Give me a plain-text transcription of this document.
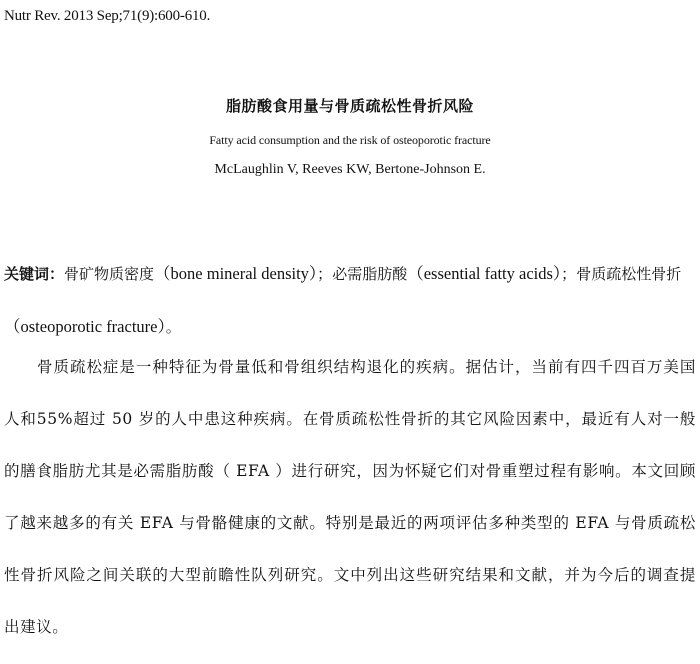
Nutr Rev. 2013 Sep;71(9):600-610.
脂肪酸食用量与骨质疏松性骨折风险
Fatty acid consumption and the risk of osteoporotic fracture
McLaughlin V, Reeves KW, Bertone-Johnson E.
关键词：骨矿物质密度（bone mineral density）；必需脂肪酸（essential fatty acids）；骨质疏松性骨折（osteoporotic fracture）。

骨质疏松症是一种特征为骨量低和骨组织结构退化的疾病。据估计，当前有四千四百万美国人和55%超过 50 岁的人中患这种疾病。在骨质疏松性骨折的其它风险因素中，最近有人对一般的膳食脂肪尤其是必需脂肪酸（ EFA ）进行研究，因为怀疑它们对骨重塑过程有影响。本文回顾了越来越多的有关 EFA 与骨骼健康的文献。特别是最近的两项评估多种类型的 EFA 与骨质疏松性骨折风险之间关联的大型前瞻性队列研究。文中列出这些研究结果和文献，并为今后的调查提出建议。
